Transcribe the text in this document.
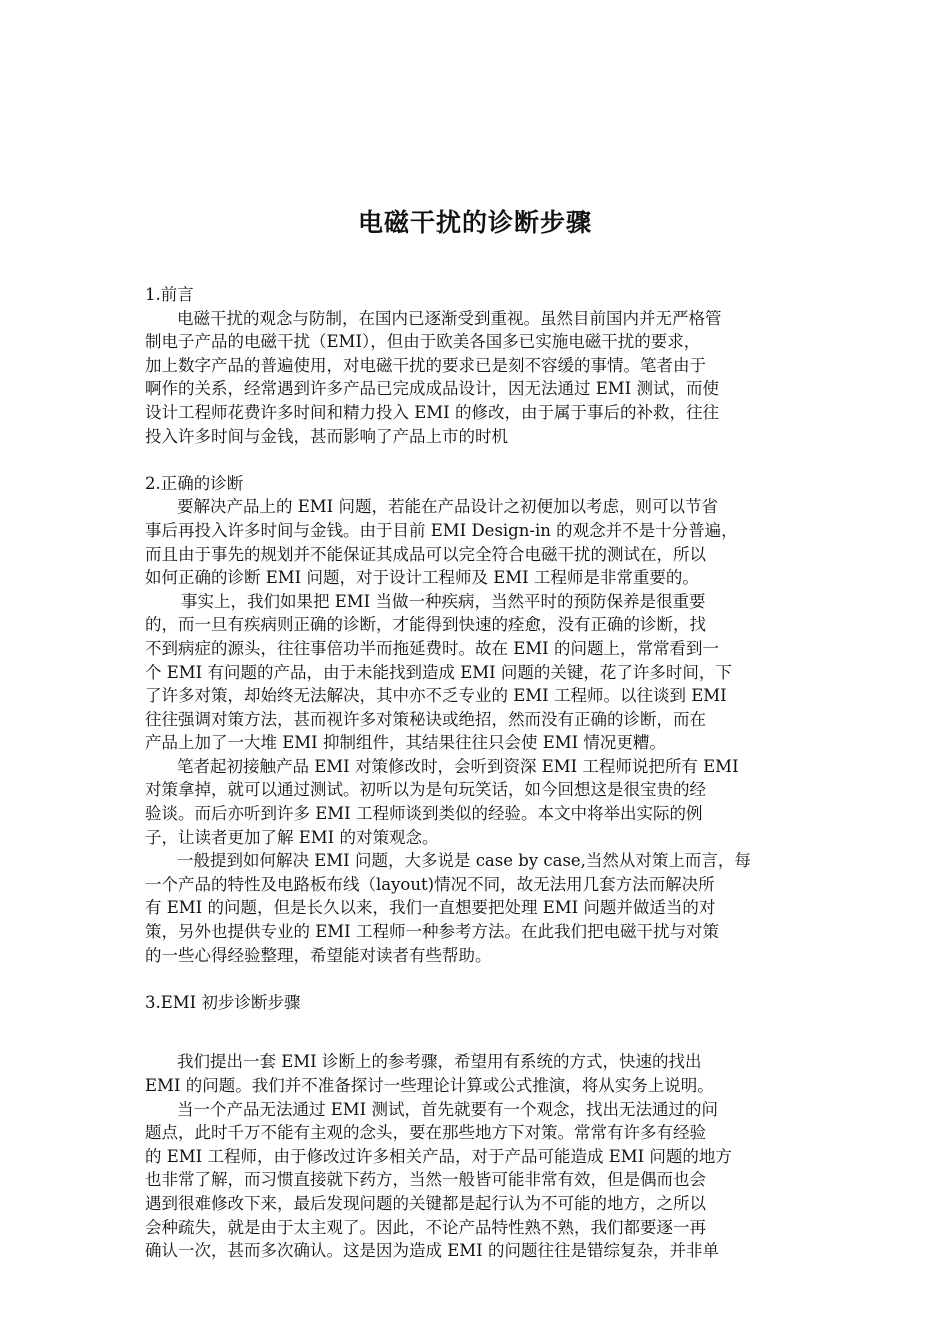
电磁干扰的诊断步骤
1.前言
电磁干扰的观念与防制，在国内已逐渐受到重视。虽然目前国内并无严格管
制电子产品的电磁干扰（EMI），但由于欧美各国多已实施电磁干扰的要求，
加上数字产品的普遍使用，对电磁干扰的要求已是刻不容缓的事情。笔者由于
啊作的关系，经常遇到许多产品已完成成品设计，因无法通过 EMI 测试，而使
设计工程师花费许多时间和精力投入 EMI 的修改，由于属于事后的补救，往往
投入许多时间与金钱，甚而影响了产品上市的时机
2.正确的诊断
要解决产品上的 EMI 问题，若能在产品设计之初便加以考虑，则可以节省
事后再投入许多时间与金钱。由于目前 EMI Design-in 的观念并不是十分普遍，
而且由于事先的规划并不能保证其成品可以完全符合电磁干扰的测试在，所以
如何正确的诊断 EMI 问题，对于设计工程师及 EMI 工程师是非常重要的。
事实上，我们如果把 EMI 当做一种疾病，当然平时的预防保养是很重要
的，而一旦有疾病则正确的诊断，才能得到快速的痊愈，没有正确的诊断，找
不到病症的源头，往往事倍功半而拖延费时。故在 EMI 的问题上，常常看到一
个 EMI 有问题的产品，由于未能找到造成 EMI 问题的关键，花了许多时间，下
了许多对策，却始终无法解决，其中亦不乏专业的 EMI 工程师。以往谈到 EMI
往往强调对策方法，甚而视许多对策秘诀或绝招，然而没有正确的诊断，而在
产品上加了一大堆 EMI 抑制组件，其结果往往只会使 EMI 情况更糟。
笔者起初接触产品 EMI 对策修改时，会听到资深 EMI 工程师说把所有 EMI
对策拿掉，就可以通过测试。初听以为是句玩笑话，如今回想这是很宝贵的经
验谈。而后亦听到许多 EMI 工程师谈到类似的经验。本文中将举出实际的例
子，让读者更加了解 EMI 的对策观念。
一般提到如何解决 EMI 问题，大多说是 case by case,当然从对策上而言，每
一个产品的特性及电路板布线（layout)情况不同，故无法用几套方法而解决所
有 EMI 的问题，但是长久以来，我们一直想要把处理 EMI 问题并做适当的对
策，另外也提供专业的 EMI 工程师一种参考方法。在此我们把电磁干扰与对策
的一些心得经验整理，希望能对读者有些帮助。
3.EMI 初步诊断步骤
我们提出一套 EMI 诊断上的参考骤，希望用有系统的方式，快速的找出
EMI 的问题。我们并不准备探讨一些理论计算或公式推演，将从实务上说明。
当一个产品无法通过 EMI 测试，首先就要有一个观念，找出无法通过的问
题点，此时千万不能有主观的念头，要在那些地方下对策。常常有许多有经验
的 EMI 工程师，由于修改过许多相关产品，对于产品可能造成 EMI 问题的地方
也非常了解，而习惯直接就下药方，当然一般皆可能非常有效，但是偶而也会
遇到很难修改下来，最后发现问题的关键都是起行认为不可能的地方，之所以
会种疏失，就是由于太主观了。因此，不论产品特性熟不熟，我们都要逐一再
确认一次，甚而多次确认。这是因为造成 EMI 的问题往往是错综复杂，并非单
